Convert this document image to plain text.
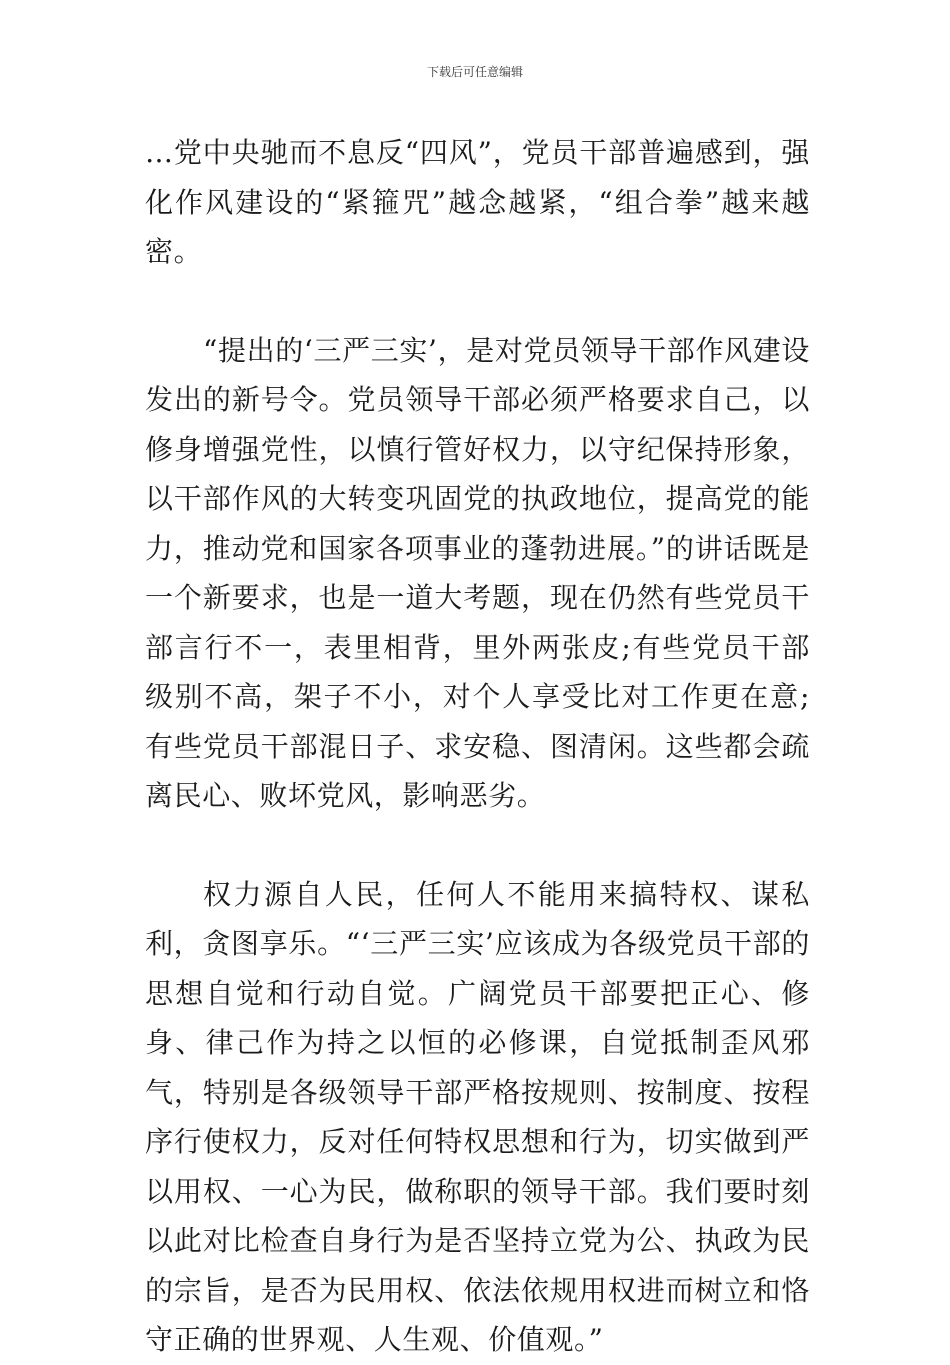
下载后可任意编辑

…党中央驰而不息反“四风”，党员干部普遍感到，强化作风建设的“紧箍咒”越念越紧，“组合拳”越来越密。

“提出的‘三严三实’，是对党员领导干部作风建设发出的新号令。党员领导干部必须严格要求自己，以修身增强党性，以慎行管好权力，以守纪保持形象，以干部作风的大转变巩固党的执政地位，提高党的能力，推动党和国家各项事业的蓬勃进展。”的讲话既是一个新要求，也是一道大考题，现在仍然有些党员干部言行不一，表里相背，里外两张皮;有些党员干部级别不高，架子不小，对个人享受比对工作更在意;有些党员干部混日子、求安稳、图清闲。这些都会疏离民心、败坏党风，影响恶劣。

权力源自人民，任何人不能用来搞特权、谋私利，贪图享乐。“‘三严三实’应该成为各级党员干部的思想自觉和行动自觉。广阔党员干部要把正心、修身、律己作为持之以恒的必修课，自觉抵制歪风邪气，特别是各级领导干部严格按规则、按制度、按程序行使权力，反对任何特权思想和行为，切实做到严以用权、一心为民，做称职的领导干部。我们要时刻以此对比检查自身行为是否坚持立党为公、执政为民的宗旨，是否为民用权、依法依规用权进而树立和恪守正确的世界观、人生观、价值观。”
